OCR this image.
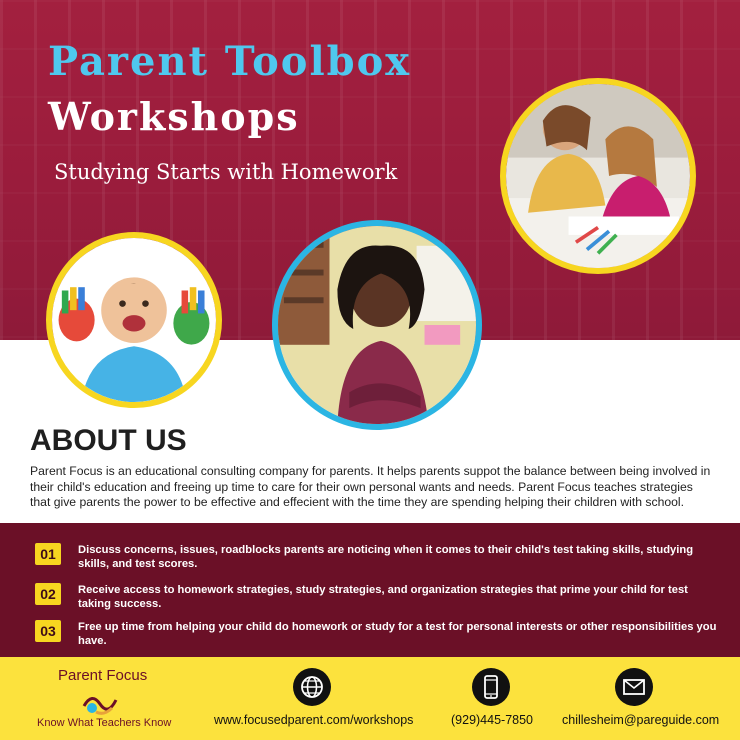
Parent Toolbox
Workshops
Studying Starts with Homework
ABOUT US

Parent Focus is an educational consulting company for parents. It helps parents suppot the balance between being involved in their child's education and freeing up time to care for their own personal wants and needs. Parent Focus teaches strategies that give parents the power to be effective and effecient with the time they are spending helping their children with school.

01	Discuss concerns, issues, roadblocks parents are noticing when it comes to their child's test taking skills, studying skills, and test scores.
02	Receive access to homework strategies, study strategies, and organization strategies that prime your child for test taking success.
03	Free up time from helping your child do homework or study for a test for personal interests or other responsibilities you have.
Parent Focus
Know What Teachers Know	www.focusedparent.com/workshops	(929)445-7850 chillesheim@pareguide.com
